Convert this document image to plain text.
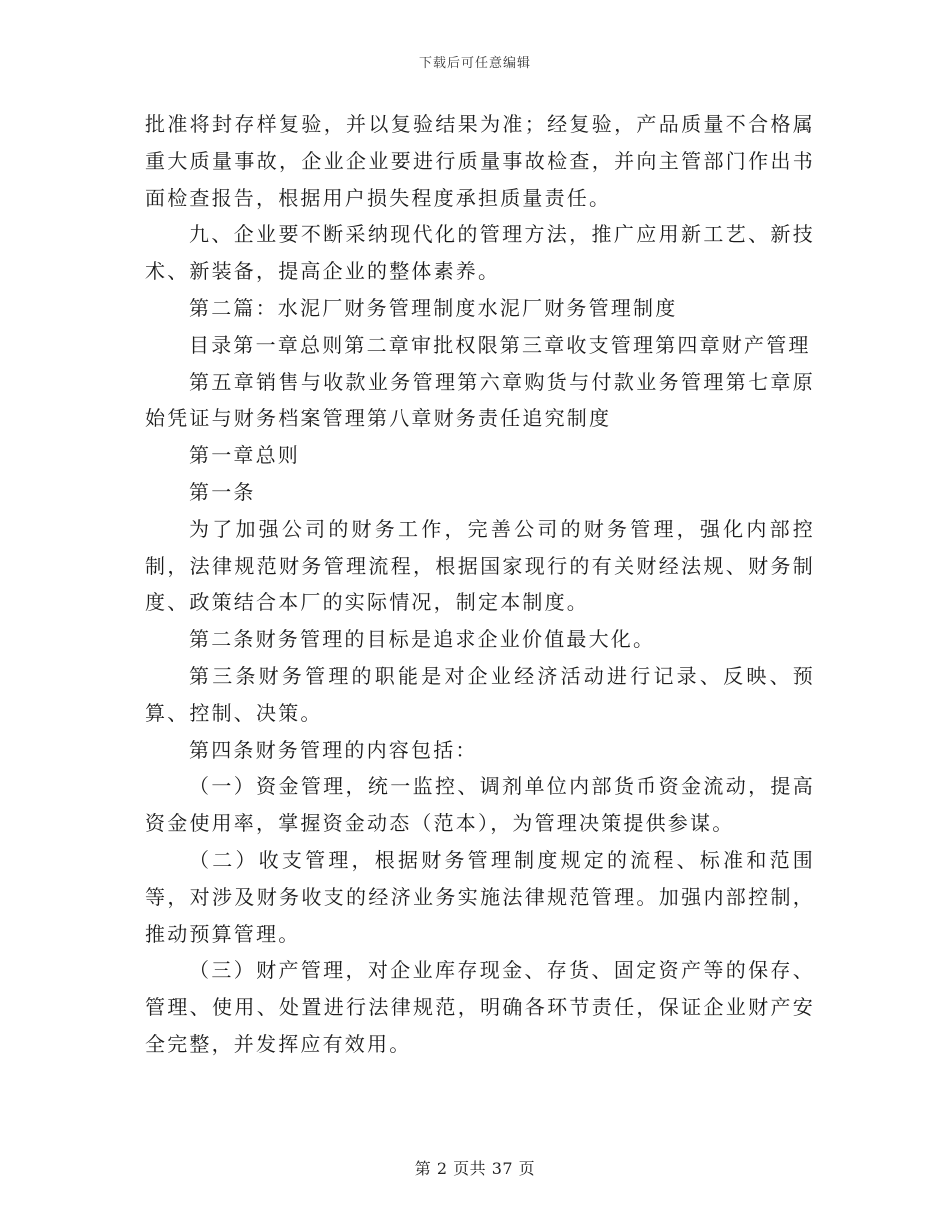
下载后可任意编辑

批准将封存样复验，并以复验结果为准；经复验，产品质量不合格属重大质量事故，企业企业要进行质量事故检查，并向主管部门作出书面检查报告，根据用户损失程度承担质量责任。

九、企业要不断采纳现代化的管理方法，推广应用新工艺、新技术、新装备，提高企业的整体素养。

第二篇：水泥厂财务管理制度水泥厂财务管理制度

目录第一章总则第二章审批权限第三章收支管理第四章财产管理

第五章销售与收款业务管理第六章购货与付款业务管理第七章原始凭证与财务档案管理第八章财务责任追究制度

第一章总则

第一条

为了加强公司的财务工作，完善公司的财务管理，强化内部控制，法律规范财务管理流程，根据国家现行的有关财经法规、财务制度、政策结合本厂的实际情况，制定本制度。

第二条财务管理的目标是追求企业价值最大化。

第三条财务管理的职能是对企业经济活动进行记录、反映、预算、控制、决策。

第四条财务管理的内容包括：

（一）资金管理，统一监控、调剂单位内部货币资金流动，提高资金使用率，掌握资金动态（范本），为管理决策提供参谋。

（二）收支管理，根据财务管理制度规定的流程、标准和范围等，对涉及财务收支的经济业务实施法律规范管理。加强内部控制，推动预算管理。

（三）财产管理，对企业库存现金、存货、固定资产等的保存、管理、使用、处置进行法律规范，明确各环节责任，保证企业财产安全完整，并发挥应有效用。

第 2 页共 37 页
